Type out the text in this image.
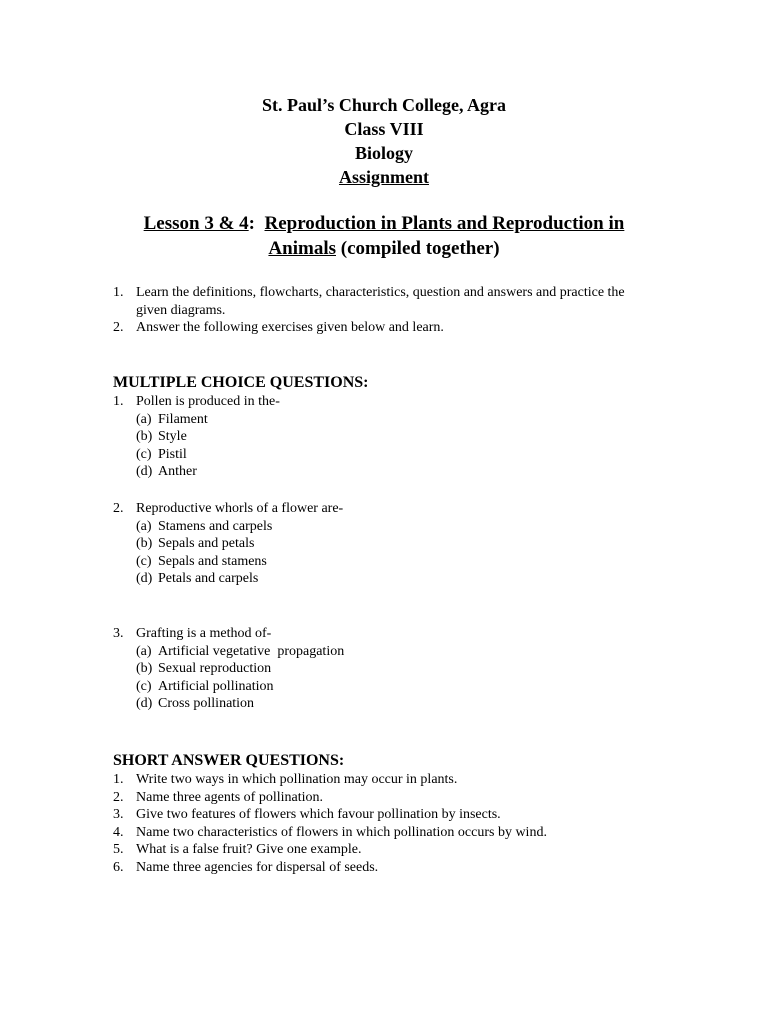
St. Paul’s Church College, Agra
Class VIII
Biology
Assignment
Lesson 3 & 4: Reproduction in Plants and Reproduction in
Animals (compiled together)
1. Learn the definitions, flowcharts, characteristics, question and answers and practice the given diagrams.
2. Answer the following exercises given below and learn.
MULTIPLE CHOICE QUESTIONS:
1. Pollen is produced in the-
(a) Filament
(b) Style
(c) Pistil
(d) Anther
2. Reproductive whorls of a flower are-
(a) Stamens and carpels
(b) Sepals and petals
(c) Sepals and stamens
(d) Petals and carpels
3. Grafting is a method of-
(a) Artificial vegetative  propagation
(b) Sexual reproduction
(c) Artificial pollination
(d) Cross pollination
SHORT ANSWER QUESTIONS:
1. Write two ways in which pollination may occur in plants.
2. Name three agents of pollination.
3. Give two features of flowers which favour pollination by insects.
4. Name two characteristics of flowers in which pollination occurs by wind.
5. What is a false fruit? Give one example.
6. Name three agencies for dispersal of seeds.
